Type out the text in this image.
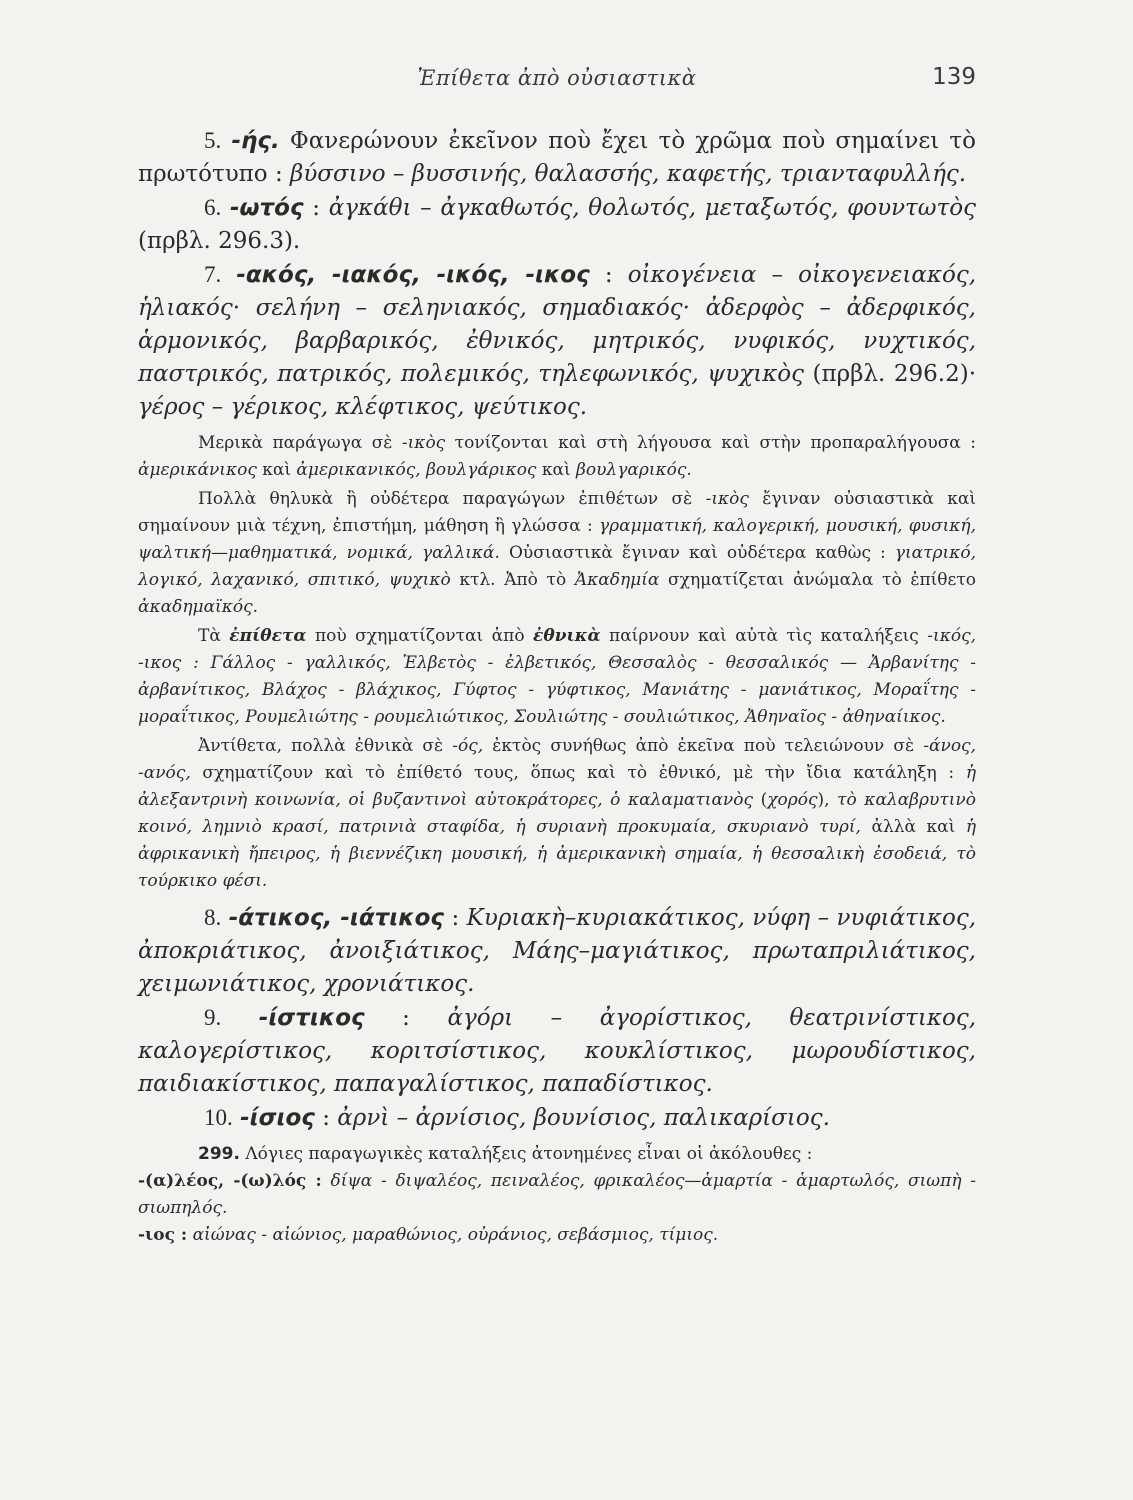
Ἐπίθετα ἀπὸ οὐσιαστικὰ	139

5. -ής. Φανερώνουν ἐκεῖνον ποὺ ἔχει τὸ χρῶμα ποὺ σημαίνει τὸ πρωτότυπο : βύσσινο – βυσσινής, θαλασσής, καφετής, τριανταφυλλής.

6. -ωτός : ἀγκάθι – ἀγκαθωτός, θολωτός, μεταξωτός, φουντωτὸς (πρβλ. 296.3).

7. -ακός, -ιακός, -ικός, -ικος : οἰκογένεια – οἰκογενειακός, ἡλιακός· σελήνη – σεληνιακός, σημαδιακός· ἀδερφὸς – ἀδερφικός, ἁρμονικός, βαρβαρικός, ἐθνικός, μητρικός, νυφικός, νυχτικός, παστρικός, πατρικός, πολεμικός, τηλεφωνικός, ψυχικὸς (πρβλ. 296.2)· γέρος – γέρικος, κλέφτικος, ψεύτικος.

Μερικὰ παράγωγα σὲ -ικὸς τονίζονται καὶ στὴ λήγουσα καὶ στὴν προπαραλήγουσα : ἀμερικάνικος καὶ ἀμερικανικός, βουλγάρικος καὶ βουλγαρικός.

Πολλὰ θηλυκὰ ἢ οὐδέτερα παραγώγων ἐπιθέτων σὲ -ικὸς ἔγιναν οὐσιαστικὰ καὶ σημαίνουν μιὰ τέχνη, ἐπιστήμη, μάθηση ἢ γλώσσα : γραμματική, καλογερική, μουσική, φυσική, ψαλτική—μαθηματικά, νομικά, γαλλικά. Οὐσιαστικὰ ἔγιναν καὶ οὐδέτερα καθὼς : γιατρικό, λογικό, λαχανικό, σπιτικό, ψυχικὸ κτλ. Ἀπὸ τὸ Ἀκαδημία σχηματίζεται ἀνώμαλα τὸ ἐπίθετο ἀκαδημαϊκός.

Τὰ ἐπίθετα ποὺ σχηματίζονται ἀπὸ ἐθνικὰ παίρνουν καὶ αὐτὰ τὶς καταλήξεις -ικός, -ικος : Γάλλος - γαλλικός, Ἐλβετὸς - ἐλβετικός, Θεσσαλὸς - θεσσαλικός — Ἀρβανίτης - ἀρβανίτικος, Βλάχος - βλάχικος, Γύφτος - γύφτικος, Μανιάτης - μανιάτικος, Μοραΐτης - μοραΐτικος, Ρουμελιώτης - ρουμελιώτικος, Σουλιώτης - σουλιώτικος, Ἀθηναῖος - ἀθηναίικος.

Ἀντίθετα, πολλὰ ἐθνικὰ σὲ -ός, ἐκτὸς συνήθως ἀπὸ ἐκεῖνα ποὺ τελειώνουν σὲ -άνος, -ανός, σχηματίζουν καὶ τὸ ἐπίθετό τους, ὅπως καὶ τὸ ἐθνικό, μὲ τὴν ἴδια κατάληξη : ἡ ἀλεξαντρινὴ κοινωνία, οἱ βυζαντινοὶ αὐτοκράτορες, ὁ καλαματιανὸς (χορός), τὸ καλαβρυτινὸ κοινό, λημνιὸ κρασί, πατρινιὰ σταφίδα, ἡ συριανὴ προκυμαία, σκυριανὸ τυρί, ἀλλὰ καὶ ἡ ἀφρικανικὴ ἤπειρος, ἡ βιεννέζικη μουσική, ἡ ἀμερικανικὴ σημαία, ἡ θεσσαλικὴ ἐσοδειά, τὸ τούρκικο φέσι.

8. -άτικος, -ιάτικος : Κυριακὴ–κυριακάτικος, νύφη – νυφιάτικος, ἀποκριάτικος, ἀνοιξιάτικος, Μάης–μαγιάτικος, πρωταπριλιάτικος, χειμωνιάτικος, χρονιάτικος.

9. -ίστικος : ἀγόρι – ἀγορίστικος, θεατρινίστικος, καλογερίστικος, κοριτσίστικος, κουκλίστικος, μωρουδίστικος, παιδιακίστικος, παπαγαλίστικος, παπαδίστικος.

10. -ίσιος : ἀρνὶ – ἀρνίσιος, βουνίσιος, παλικαρίσιος.

299. Λόγιες παραγωγικὲς καταλήξεις ἀτονημένες εἶναι οἱ ἀκόλουθες :

-(α)λέος, -(ω)λός : δίψα - διψαλέος, πειναλέος, φρικαλέος—ἁμαρτία - ἁμαρτωλός, σιωπὴ - σιωπηλός.

-ιος : αἰώνας - αἰώνιος, μαραθώνιος, οὐράνιος, σεβάσμιος, τίμιος.
